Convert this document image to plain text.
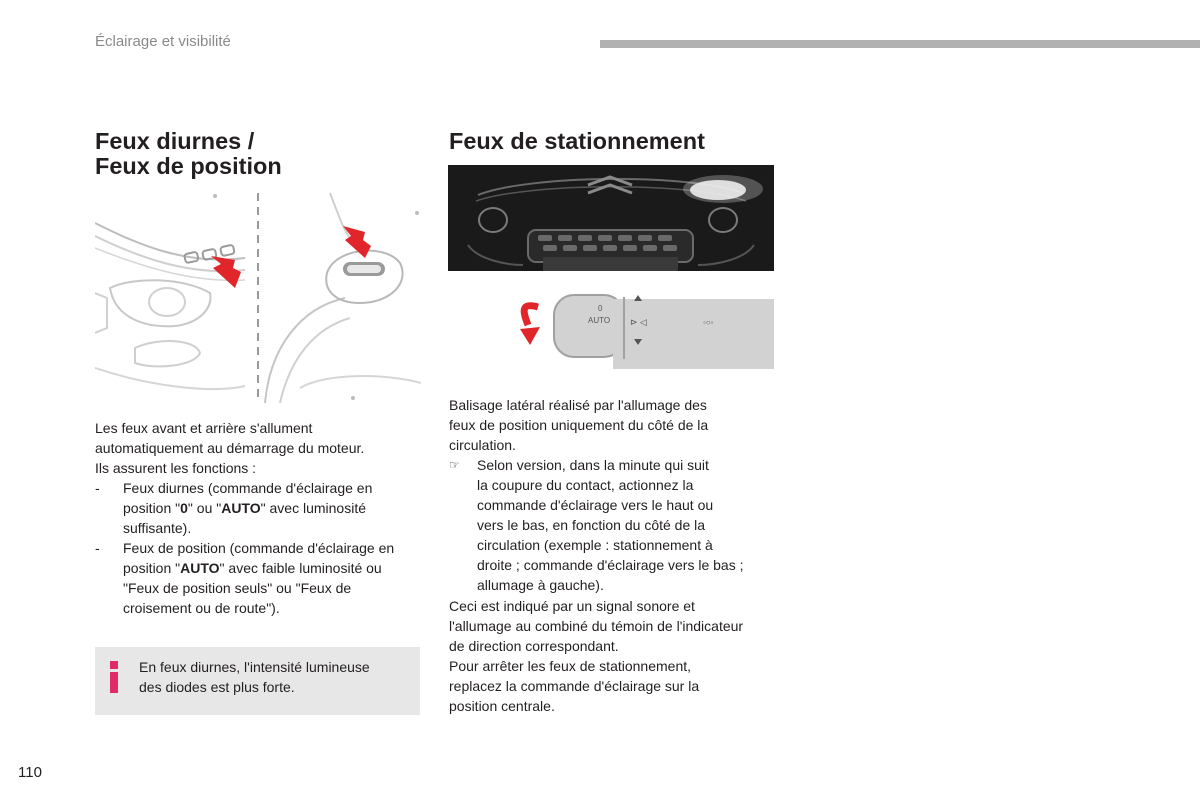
Éclairage et visibilité
Feux diurnes /
Feux de position
Les feux avant et arrière s'allument
automatiquement au démarrage du moteur.
Ils assurent les fonctions :
- Feux diurnes (commande d'éclairage en position "0" ou "AUTO" avec luminosité suffisante).
- Feux de position (commande d'éclairage en position "AUTO" avec faible luminosité ou "Feux de position seuls" ou "Feux de croisement ou de route").
En feux diurnes, l'intensité lumineuse
des diodes est plus forte.
Feux de stationnement
AUTO
0
⊳ ◁	◦○◦
Balisage latéral réalisé par l'allumage des
feux de position uniquement du côté de la
circulation.
☞	Selon version, dans la minute qui suit
la coupure du contact, actionnez la
commande d'éclairage vers le haut ou
vers le bas, en fonction du côté de la
circulation (exemple : stationnement à
droite ; commande d'éclairage vers le bas ;
allumage à gauche).
Ceci est indiqué par un signal sonore et
l'allumage au combiné du témoin de l'indicateur
de direction correspondant.
Pour arrêter les feux de stationnement,
replacez la commande d'éclairage sur la
position centrale.
110
